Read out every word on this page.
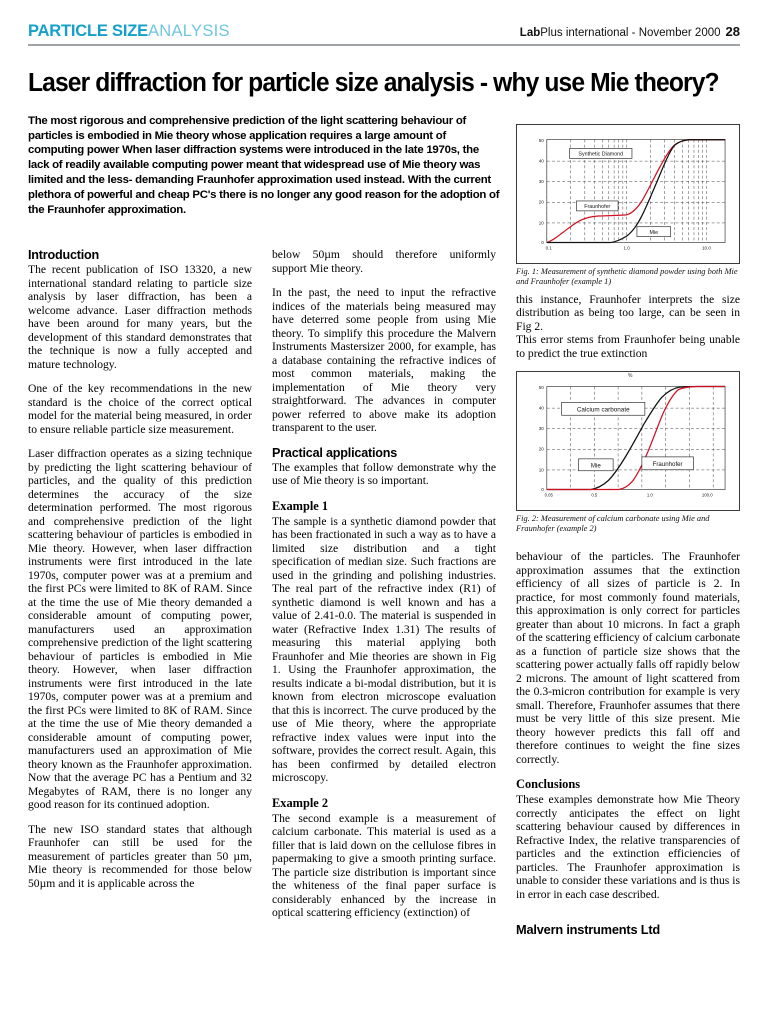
PARTICLE SIZEANALYSIS	LabPlus international - November 2000 28
Laser diffraction for particle size analysis - why use Mie theory?
The most rigorous and comprehensive prediction of the light scattering behaviour of particles is embodied in Mie theory whose application requires a large amount of computing power When laser diffraction systems were introduced in the late 1970s, the lack of readily available computing power meant that widespread use of Mie theory was limited and the less- demanding Fraunhofer approximation used instead. With the current plethora of powerful and cheap PC's there is no longer any good reason for the adoption of the Fraunhofer approximation.
Introduction

The recent publication of ISO 13320, a new international standard relating to particle size analysis by laser diffraction, has been a welcome advance. Laser diffraction methods have been around for many years, but the development of this standard demonstrates that the technique is now a fully accepted and mature technology.

One of the key recommendations in the new standard is the choice of the correct optical model for the material being measured, in order to ensure reliable particle size measurement.

Laser diffraction operates as a sizing technique by predicting the light scattering behaviour of particles, and the quality of this prediction determines the accuracy of the size determination performed. The most rigorous and comprehensive prediction of the light scattering behaviour of particles is embodied in Mie theory. However, when laser diffraction instruments were first introduced in the late 1970s, computer power was at a premium and the first PCs were limited to 8K of RAM. Since at the time the use of Mie theory demanded a considerable amount of computing power, manufacturers used an approximation comprehensive prediction of the light scattering behaviour of particles is embodied in Mie theory. However, when laser diffraction instruments were first introduced in the late 1970s, computer power was at a premium and the first PCs were limited to 8K of RAM. Since at the time the use of Mie theory demanded a considerable amount of computing power, manufacturers used an approximation of Mie theory known as the Fraunhofer approximation. Now that the average PC has a Pentium and 32 Megabytes of RAM, there is no longer any good reason for its continued adoption.

The new ISO standard states that although Fraunhofer can still be used for the measurement of particles greater than 50 µm, Mie theory is recommended for those below 50µm and it is applicable across the

below 50µm should therefore uniformly support Mie theory.

In the past, the need to input the refractive indices of the materials being measured may have deterred some people from using Mie theory. To simplify this procedure the Malvern Instruments Mastersizer 2000, for example, has a database containing the refractive indices of most common materials, making the implementation of Mie theory very straightforward. The advances in computer power referred to above make its adoption transparent to the user.

Practical applications

The examples that follow demonstrate why the use of Mie theory is so important.

Example 1

The sample is a synthetic diamond powder that has been fractionated in such a way as to have a limited size distribution and a tight specification of median size. Such fractions are used in the grinding and polishing industries. The real part of the refractive index (R1) of synthetic diamond is well known and has a value of 2.41-0.0. The material is suspended in water (Refractive Index 1.31) The results of measuring this material applying both Fraunhofer and Mie theories are shown in Fig 1. Using the Fraunhofer approximation, the results indicate a bi-modal distribution, but it is known from electron microscope evaluation that this is incorrect. The curve produced by the use of Mie theory, where the appropriate refractive index values were input into the software, provides the correct result. Again, this has been confirmed by detailed electron microscopy.

Example 2

The second example is a measurement of calcium carbonate. This material is used as a filler that is laid down on the cellulose fibres in papermaking to give a smooth printing surface. The particle size distribution is important since the whiteness of the final paper surface is considerably enhanced by the increase in optical scattering efficiency (extinction) of

50
40
30
20
10
0
0.1	1.0	10.0
Synthetic Diamond
Fraunhofer
Mie
Fig. 1: Measurement of synthetic diamond powder using both Mie and Fraunhofer (example 1)

this instance, Fraunhofer interprets the size distribution as being too large, can be seen in Fig 2.

This error stems from Fraunhofer being unable to predict the true extinction

%
50
40
30
20
10
0
0.05	0.5	1.0	100.0
Calcium carbonate
Mie	Fraunhofer
Fig. 2: Measurement of calcium carbonate using Mie and Fraunhofer (example 2)

behaviour of the particles. The Fraunhofer approximation assumes that the extinction efficiency of all sizes of particle is 2. In practice, for most commonly found materials, this approximation is only correct for particles greater than about 10 microns. In fact a graph of the scattering efficiency of calcium carbonate as a function of particle size shows that the scattering power actually falls off rapidly below 2 microns. The amount of light scattered from the 0.3-micron contribution for example is very small. Therefore, Fraunhofer assumes that there must be very little of this size present. Mie theory however predicts this fall off and therefore continues to weight the fine sizes correctly.

Conclusions

These examples demonstrate how Mie Theory correctly anticipates the effect on light scattering behaviour caused by differences in Refractive Index, the relative transparencies of particles and the extinction efficiencies of particles. The Fraunhofer approximation is unable to consider these variations and is thus is in error in each case described.

Malvern instruments Ltd
